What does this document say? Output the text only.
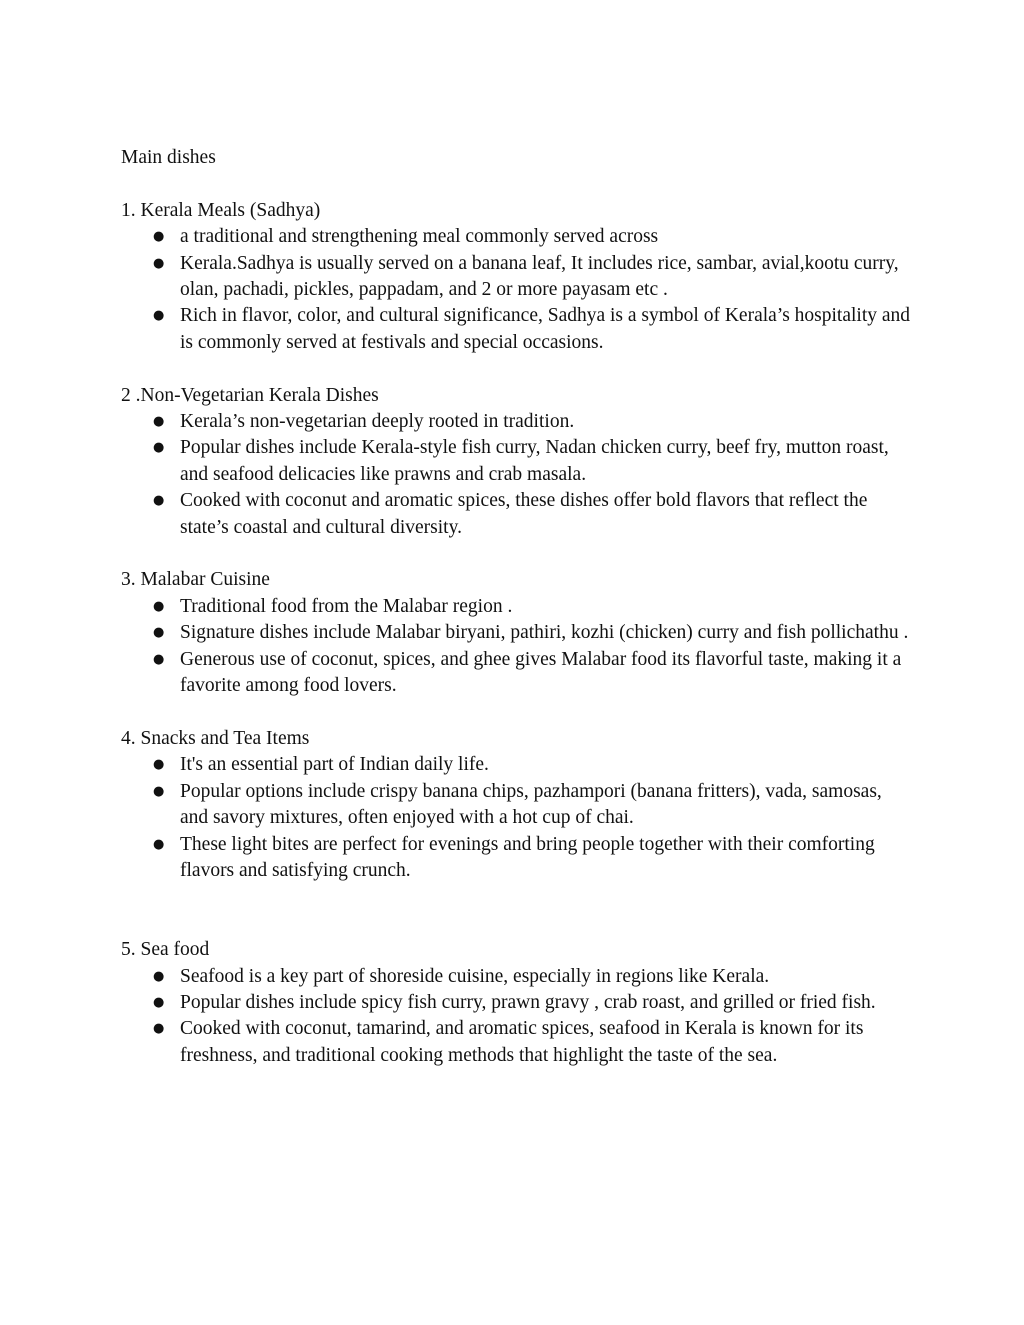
Main dishes
1. Kerala Meals (Sadhya)
● a traditional and strengthening meal commonly served across
● Kerala.Sadhya is usually served on a banana leaf, It includes rice, sambar, avial,kootu curry, olan, pachadi, pickles, pappadam, and 2 or more payasam etc .
● Rich in flavor, color, and cultural significance, Sadhya is a symbol of Kerala’s hospitality and is commonly served at festivals and special occasions.
2 .Non-Vegetarian Kerala Dishes
● Kerala’s non-vegetarian deeply rooted in tradition.
● Popular dishes include Kerala-style fish curry, Nadan chicken curry, beef fry, mutton roast, and seafood delicacies like prawns and crab masala.
● Cooked with coconut and aromatic spices, these dishes offer bold flavors that reflect the state’s coastal and cultural diversity.
3. Malabar Cuisine
● Traditional food from the Malabar region .
● Signature dishes include Malabar biryani, pathiri, kozhi (chicken) curry and fish pollichathu .
● Generous use of coconut, spices, and ghee gives Malabar food its flavorful taste, making it a favorite among food lovers.
4. Snacks and Tea Items
● It's an essential part of Indian daily life.
● Popular options include crispy banana chips, pazhampori (banana fritters), vada, samosas, and savory mixtures, often enjoyed with a hot cup of chai.
● These light bites are perfect for evenings and bring people together with their comforting flavors and satisfying crunch.
5. Sea food
● Seafood is a key part of shoreside cuisine, especially in regions like Kerala.
● Popular dishes include spicy fish curry, prawn gravy , crab roast, and grilled or fried fish.
● Cooked with coconut, tamarind, and aromatic spices, seafood in Kerala is known for its freshness, and traditional cooking methods that highlight the taste of the sea.
